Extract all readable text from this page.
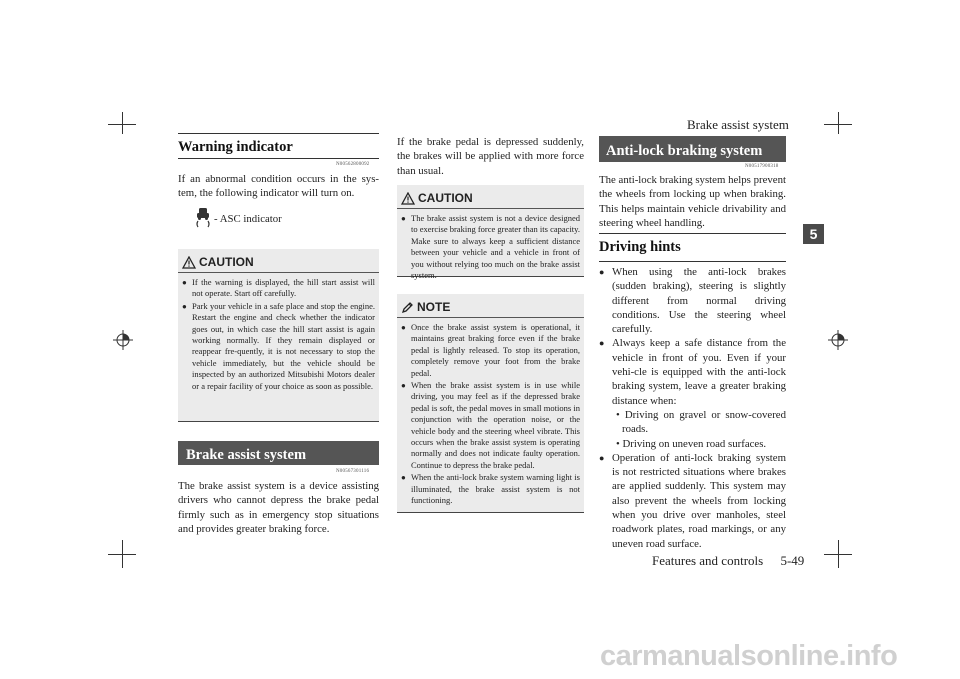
Brake assist system
Features and controls 5-49
5
Warning indicator
N00562800092
If an abnormal condition occurs in the sys-tem, the following indicator will turn on.
- ASC indicator
CAUTION
● If the warning is displayed, the hill start assist will not operate. Start off carefully.
● Park your vehicle in a safe place and stop the engine. Restart the engine and check whether the indicator goes out, in which case the hill start assist is again working normally. If they remain displayed or reappear fre-quently, it is not necessary to stop the vehicle immediately, but the vehicle should be inspected by an authorized Mitsubishi Motors dealer or a repair facility of your choice as soon as possible.
Brake assist system
N00567301116
The brake assist system is a device assisting drivers who cannot depress the brake pedal firmly such as in emergency stop situations and provides greater braking force.
If the brake pedal is depressed suddenly, the brakes will be applied with more force than usual.
CAUTION
● The brake assist system is not a device designed to exercise braking force greater than its capacity. Make sure to always keep a sufficient distance between your vehicle and a vehicle in front of you without relying too much on the brake assist system.
NOTE
● Once the brake assist system is operational, it maintains great braking force even if the brake pedal is lightly released. To stop its operation, completely remove your foot from the brake pedal.
● When the brake assist system is in use while driving, you may feel as if the depressed brake pedal is soft, the pedal moves in small motions in conjunction with the operation noise, or the vehicle body and the steering wheel vibrate. This occurs when the brake assist system is operating normally and does not indicate faulty operation. Continue to depress the brake pedal.
● When the anti-lock brake system warning light is illuminated, the brake assist system is not functioning.
Anti-lock braking system
N00517900318
The anti-lock braking system helps prevent the wheels from locking up when braking. This helps maintain vehicle drivability and steering wheel handling.
Driving hints
● When using the anti-lock brakes (sudden braking), steering is slightly different from normal driving conditions. Use the steering wheel carefully.
● Always keep a safe distance from the vehicle in front of you. Even if your vehi-cle is equipped with the anti-lock braking system, leave a greater braking distance when:
• Driving on gravel or snow-covered roads.
• Driving on uneven road surfaces.
● Operation of anti-lock braking system is not restricted situations where brakes are applied suddenly. This system may also prevent the wheels from locking when you drive over manholes, steel roadwork plates, road markings, or any uneven road surface.
carmanualsonline.info
